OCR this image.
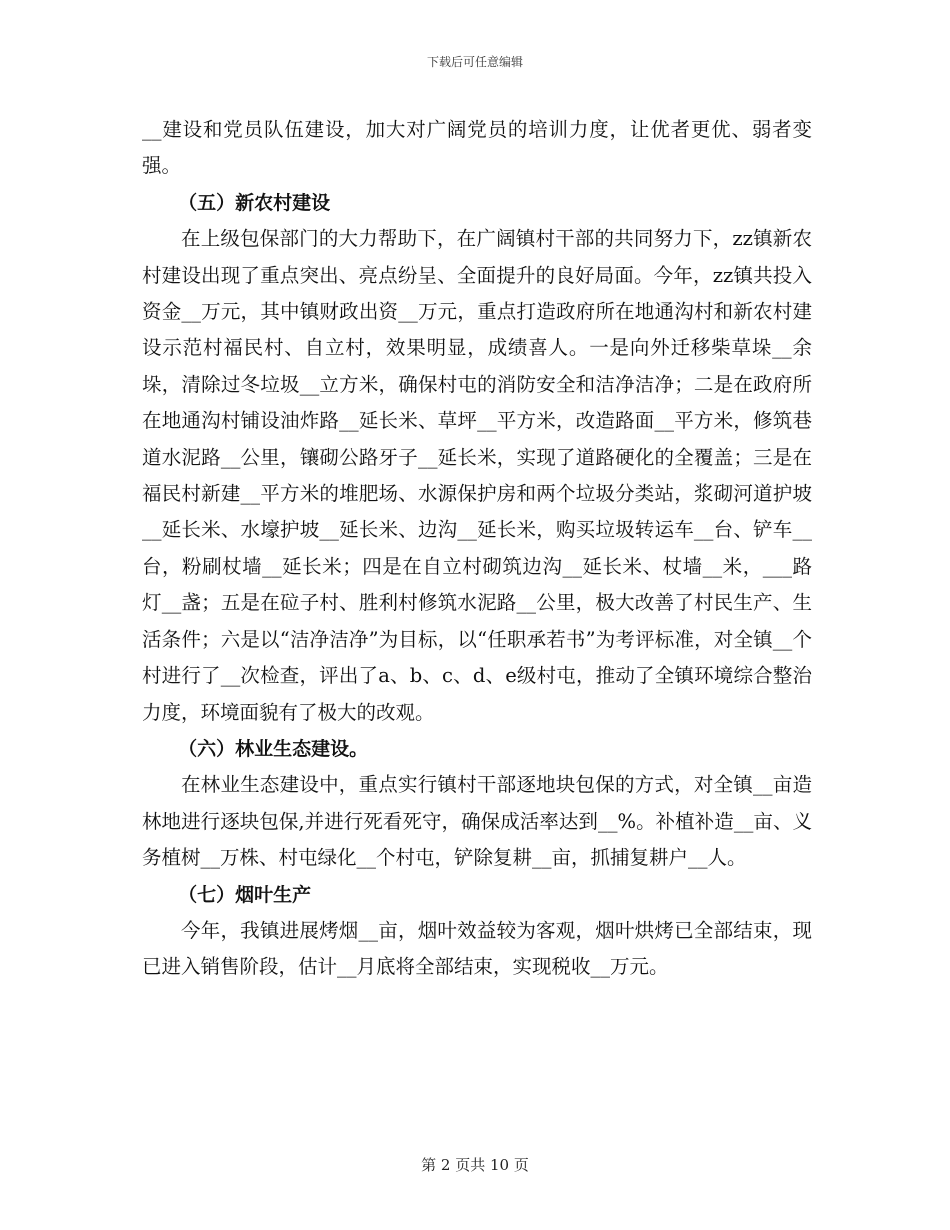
下载后可任意编辑

__建设和党员队伍建设，加大对广阔党员的培训力度，让优者更优、弱者变强。

（五）新农村建设

在上级包保部门的大力帮助下，在广阔镇村干部的共同努力下，zz镇新农村建设出现了重点突出、亮点纷呈、全面提升的良好局面。今年，zz镇共投入资金__万元，其中镇财政出资__万元，重点打造政府所在地通沟村和新农村建设示范村福民村、自立村，效果明显，成绩喜人。一是向外迁移柴草垛__余垛，清除过冬垃圾__立方米，确保村屯的消防安全和洁净洁净；二是在政府所在地通沟村铺设油炸路__延长米、草坪__平方米，改造路面__平方米，修筑巷道水泥路__公里，镶砌公路牙子__延长米，实现了道路硬化的全覆盖；三是在福民村新建__平方米的堆肥场、水源保护房和两个垃圾分类站，浆砌河道护坡__延长米、水壕护坡__延长米、边沟__延长米，购买垃圾转运车__台、铲车__台，粉刷杖墙__延长米；四是在自立村砌筑边沟__延长米、杖墙__米，___路灯__盏；五是在砬子村、胜利村修筑水泥路__公里，极大改善了村民生产、生活条件；六是以“洁净洁净”为目标，以“任职承若书”为考评标准，对全镇__个村进行了__次检查，评出了a、b、c、d、e级村屯，推动了全镇环境综合整治力度，环境面貌有了极大的改观。

（六）林业生态建设。

在林业生态建设中，重点实行镇村干部逐地块包保的方式，对全镇__亩造林地进行逐块包保,并进行死看死守，确保成活率达到__%。补植补造__亩、义务植树__万株、村屯绿化__个村屯，铲除复耕__亩，抓捕复耕户__人。

（七）烟叶生产

今年，我镇进展烤烟__亩，烟叶效益较为客观，烟叶烘烤已全部结束，现已进入销售阶段，估计__月底将全部结束，实现税收__万元。

第 2 页共 10 页
